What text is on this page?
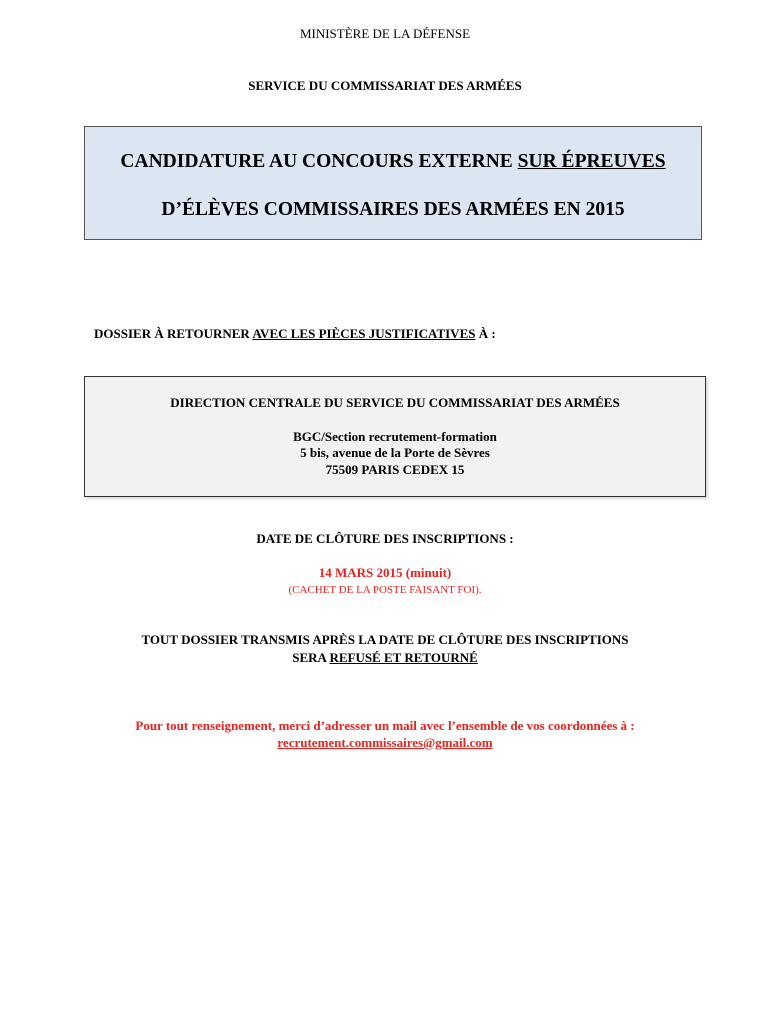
MINISTÈRE DE LA DÉFENSE
SERVICE DU COMMISSARIAT DES ARMÉES
CANDIDATURE AU CONCOURS EXTERNE SUR ÉPREUVES
D’ÉLÈVES COMMISSAIRES DES ARMÉES EN 2015
DOSSIER À RETOURNER AVEC LES PIÈCES JUSTIFICATIVES À :
DIRECTION CENTRALE DU SERVICE DU COMMISSARIAT DES ARMÉES
BGC/Section recrutement-formation
5 bis, avenue de la Porte de Sèvres
75509 PARIS CEDEX 15
DATE DE CLÔTURE DES INSCRIPTIONS :
14 MARS 2015 (minuit)
(CACHET DE LA POSTE FAISANT FOI).
TOUT DOSSIER TRANSMIS APRÈS LA DATE DE CLÔTURE DES INSCRIPTIONS
SERA REFUSÉ ET RETOURNÉ
Pour tout renseignement, merci d’adresser un mail avec l’ensemble de vos coordonnées à :
recrutement.commissaires@gmail.com
